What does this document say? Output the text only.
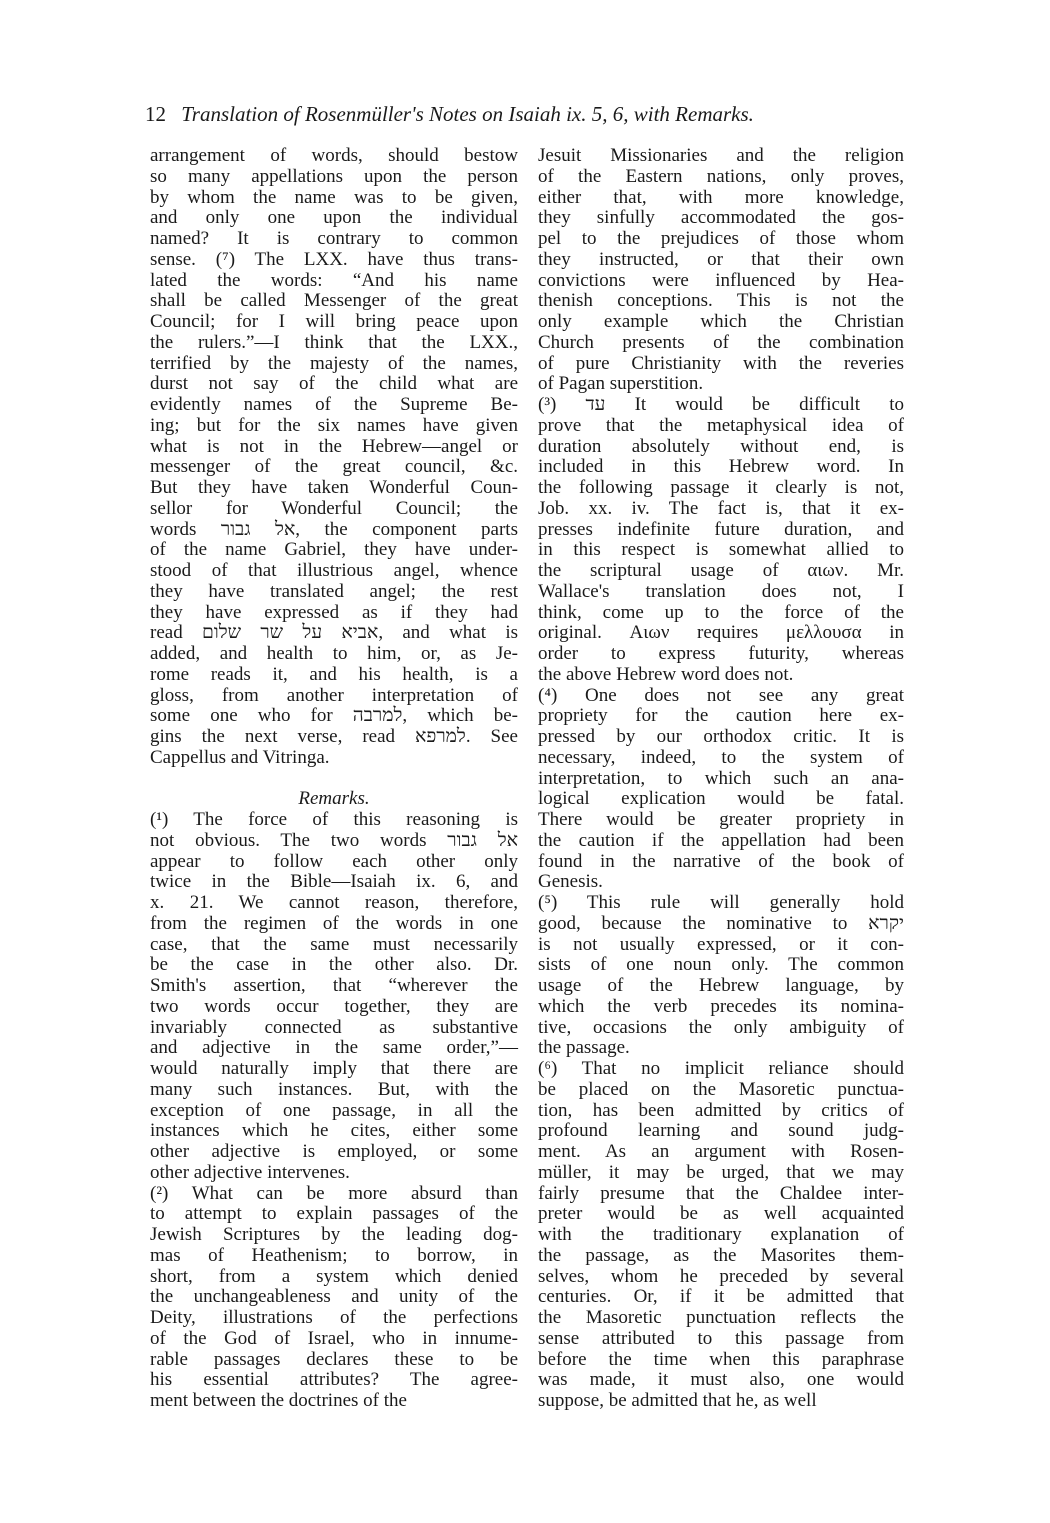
12 Translation of Rosenmüller's Notes on Isaiah ix. 5, 6, with Remarks.
arrangement of words, should bestow
so many appellations upon the person
by whom the name was to be given,
and only one upon the individual
named? It is contrary to common
sense. (⁷) The LXX. have thus trans-
lated the words: “And his name
shall be called Messenger of the great
Council; for I will bring peace upon
the rulers.”—I think that the LXX.,
terrified by the majesty of the names,
durst not say of the child what are
evidently names of the Supreme Be-
ing; but for the six names have given
what is not in the Hebrew—angel or
messenger of the great council, &c.
But they have taken Wonderful Coun-
sellor for Wonderful Council; the
words אל גבור, the component parts
of the name Gabriel, they have under-
stood of that illustrious angel, whence
they have translated angel; the rest
they have expressed as if they had
read אביא על שר שלום, and what is
added, and health to him, or, as Je-
rome reads it, and his health, is a
gloss, from another interpretation of
some one who for למרבה, which be-
gins the next verse, read למרפא. See
Cappellus and Vitringa.
Remarks.
(¹) The force of this reasoning is
not obvious. The two words אל גבור
appear to follow each other only
twice in the Bible—Isaiah ix. 6, and
x. 21. We cannot reason, therefore,
from the regimen of the words in one
case, that the same must necessarily
be the case in the other also. Dr.
Smith's assertion, that “wherever the
two words occur together, they are
invariably connected as substantive
and adjective in the same order,”—
would naturally imply that there are
many such instances. But, with the
exception of one passage, in all the
instances which he cites, either some
other adjective is employed, or some
other adjective intervenes.
(²) What can be more absurd than
to attempt to explain passages of the
Jewish Scriptures by the leading dog-
mas of Heathenism; to borrow, in
short, from a system which denied
the unchangeableness and unity of the
Deity, illustrations of the perfections
of the God of Israel, who in innume-
rable passages declares these to be
his essential attributes? The agree-
ment between the doctrines of the
Jesuit Missionaries and the religion
of the Eastern nations, only proves,
either that, with more knowledge,
they sinfully accommodated the gos-
pel to the prejudices of those whom
they instructed, or that their own
convictions were influenced by Hea-
thenish conceptions. This is not the
only example which the Christian
Church presents of the combination
of pure Christianity with the reveries
of Pagan superstition.
(³) עד It would be difficult to
prove that the metaphysical idea of
duration absolutely without end, is
included in this Hebrew word. In
the following passage it clearly is not,
Job. xx. iv. The fact is, that it ex-
presses indefinite future duration, and
in this respect is somewhat allied to
the scriptural usage of αιων. Mr.
Wallace's translation does not, I
think, come up to the force of the
original. Αιων requires μελλουσα in
order to express futurity, whereas
the above Hebrew word does not.
(⁴) One does not see any great
propriety for the caution here ex-
pressed by our orthodox critic. It is
necessary, indeed, to the system of
interpretation, to which such an ana-
logical explication would be fatal.
There would be greater propriety in
the caution if the appellation had been
found in the narrative of the book of
Genesis.
(⁵) This rule will generally hold
good, because the nominative to יקרא
is not usually expressed, or it con-
sists of one noun only. The common
usage of the Hebrew language, by
which the verb precedes its nomina-
tive, occasions the only ambiguity of
the passage.
(⁶) That no implicit reliance should
be placed on the Masoretic punctua-
tion, has been admitted by critics of
profound learning and sound judg-
ment. As an argument with Rosen-
müller, it may be urged, that we may
fairly presume that the Chaldee inter-
preter would be as well acquainted
with the traditionary explanation of
the passage, as the Masorites them-
selves, whom he preceded by several
centuries. Or, if it be admitted that
the Masoretic punctuation reflects the
sense attributed to this passage from
before the time when this paraphrase
was made, it must also, one would
suppose, be admitted that he, as well
